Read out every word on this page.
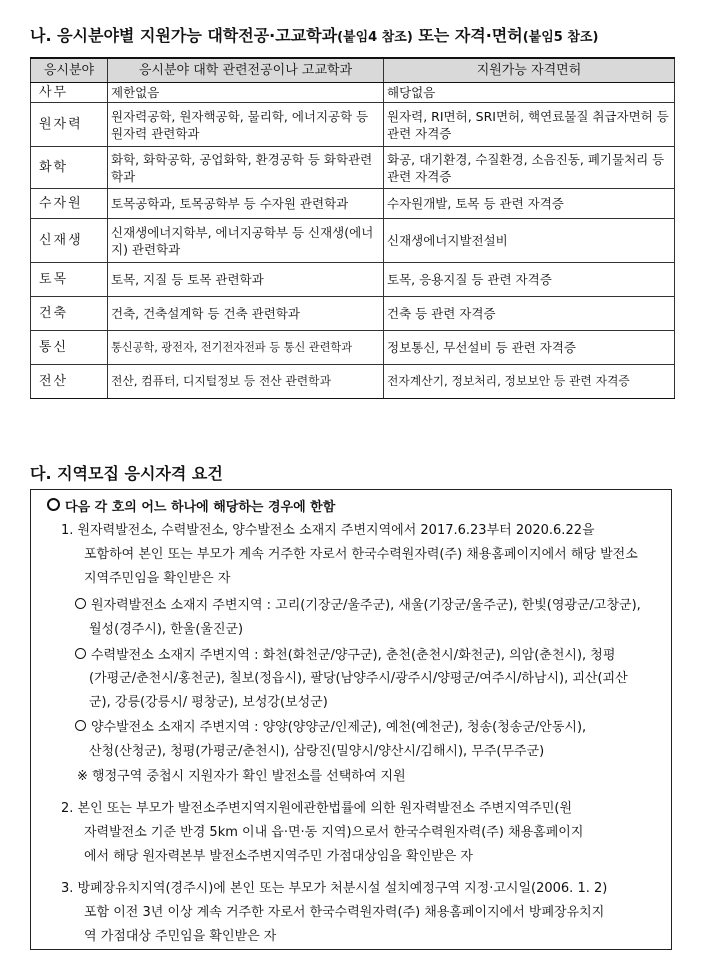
나. 응시분야별 지원가능 대학전공·고교학과(붙임4 참조) 또는 자격·면허(붙임5 참조)
응시분야	응시분야 대학 관련전공이나 고교학과	지원가능 자격면허
사무	제한없음	해당없음
원자력	원자력공학, 원자핵공학, 물리학, 에너지공학 등 원자력 관련학과	원자력, RI면허, SRI면허, 핵연료물질 취급자면허 등 관련 자격증
화학	화학, 화학공학, 공업화학, 환경공학 등 화학관련학과	화공, 대기환경, 수질환경, 소음진동, 폐기물처리 등 관련 자격증
수자원	토목공학과, 토목공학부 등 수자원 관련학과	수자원개발, 토목 등 관련 자격증
신재생	신재생에너지학부, 에너지공학부 등 신재생(에너지) 관련학과	신재생에너지발전설비
토목	토목, 지질 등 토목 관련학과	토목, 응용지질 등 관련 자격증
건축	건축, 건축설계학 등 건축 관련학과	건축 등 관련 자격증
통신	통신공학, 광전자, 전기전자전파 등 통신 관련학과	정보통신, 무선설비 등 관련 자격증
전산	전산, 컴퓨터, 디지털정보 등 전산 관련학과	전자계산기, 정보처리, 정보보안 등 관련 자격증
다. 지역모집 응시자격 요건
다음 각 호의 어느 하나에 해당하는 경우에 한함
1. 원자력발전소, 수력발전소, 양수발전소 소재지 주변지역에서 2017.6.23부터 2020.6.22을
포함하여 본인 또는 부모가 계속 거주한 자로서 한국수력원자력(주) 채용홈페이지에서 해당 발전소
지역주민임을 확인받은 자
원자력발전소 소재지 주변지역 : 고리(기장군/울주군), 새울(기장군/울주군), 한빛(영광군/고창군),
월성(경주시), 한울(울진군)
수력발전소 소재지 주변지역 : 화천(화천군/양구군), 춘천(춘천시/화천군), 의암(춘천시), 청평
(가평군/춘천시/홍천군), 칠보(정읍시), 팔당(남양주시/광주시/양평군/여주시/하남시), 괴산(괴산
군), 강릉(강릉시/ 평창군), 보성강(보성군)
양수발전소 소재지 주변지역 : 양양(양양군/인제군), 예천(예천군), 청송(청송군/안동시),
산청(산청군), 청평(가평군/춘천시), 삼랑진(밀양시/양산시/김해시), 무주(무주군)
※ 행정구역 중첩시 지원자가 확인 발전소를 선택하여 지원
2. 본인 또는 부모가 발전소주변지역지원에관한법률에 의한 원자력발전소 주변지역주민(원
자력발전소 기준 반경 5km 이내 읍·면·동 지역)으로서 한국수력원자력(주) 채용홈페이지
에서 해당 원자력본부 발전소주변지역주민 가점대상임을 확인받은 자
3. 방폐장유치지역(경주시)에 본인 또는 부모가 처분시설 설치예정구역 지정·고시일(2006. 1. 2)
포함 이전 3년 이상 계속 거주한 자로서 한국수력원자력(주) 채용홈페이지에서 방폐장유치지
역 가점대상 주민임을 확인받은 자
